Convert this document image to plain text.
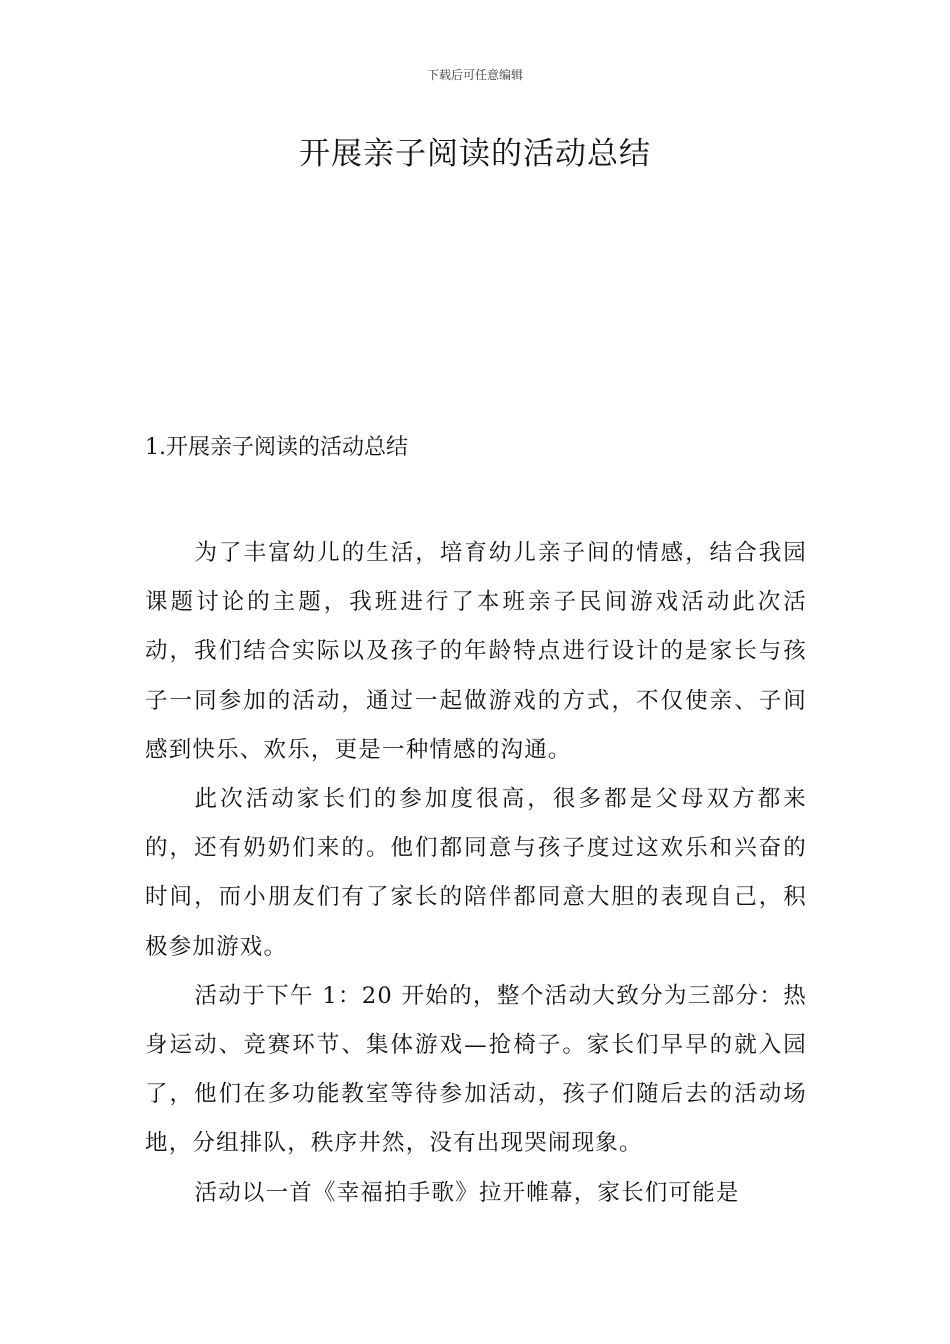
下载后可任意编辑
开展亲子阅读的活动总结
1.开展亲子阅读的活动总结

为了丰富幼儿的生活，培育幼儿亲子间的情感，结合我园课题讨论的主题，我班进行了本班亲子民间游戏活动此次活动，我们结合实际以及孩子的年龄特点进行设计的是家长与孩子一同参加的活动，通过一起做游戏的方式，不仅使亲、子间感到快乐、欢乐，更是一种情感的沟通。

此次活动家长们的参加度很高，很多都是父母双方都来的，还有奶奶们来的。他们都同意与孩子度过这欢乐和兴奋的时间，而小朋友们有了家长的陪伴都同意大胆的表现自己，积极参加游戏。

活动于下午 1：20 开始的，整个活动大致分为三部分：热身运动、竞赛环节、集体游戏—抢椅子。家长们早早的就入园了，他们在多功能教室等待参加活动，孩子们随后去的活动场地，分组排队，秩序井然，没有出现哭闹现象。

活动以一首《幸福拍手歌》拉开帷幕，家长们可能是
